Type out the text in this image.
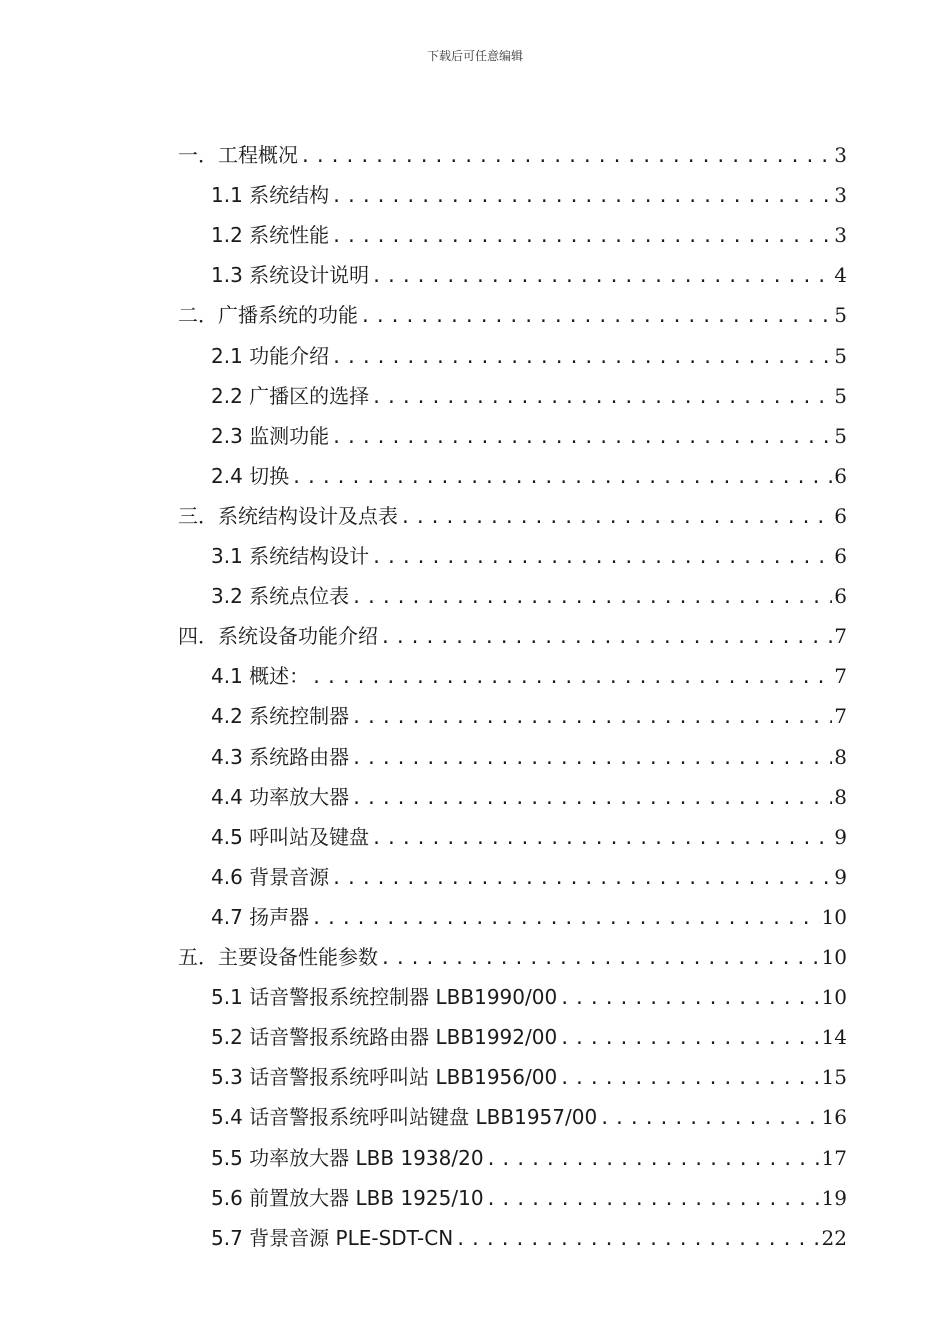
下载后可任意编辑
一．工程概况 .....	3
1.1 系统结构 .....	3
1.2 系统性能 .....	3
1.3 系统设计说明 .....	4
二．广播系统的功能 .....	5
2.1 功能介绍 .....	5
2.2 广播区的选择 .....	5
2.3 监测功能 .....	5
2.4 切换 .....	6
三．系统结构设计及点表 .....	6
3.1 系统结构设计 .....	6
3.2 系统点位表 .....	6
四．系统设备功能介绍 .....	7
4.1 概述： .....	7
4.2 系统控制器 .....	7
4.3 系统路由器 .....	8
4.4 功率放大器 .....	8
4.5 呼叫站及键盘 .....	9
4.6 背景音源 .....	9
4.7 扬声器 .....	10
五．主要设备性能参数 .....	10
5.1 话音警报系统控制器 LBB1990/00 .....	10
5.2 话音警报系统路由器 LBB1992/00 .....	14
5.3 话音警报系统呼叫站 LBB1956/00 .....	15
5.4 话音警报系统呼叫站键盘 LBB1957/00 .....	16
5.5 功率放大器 LBB 1938/20 .....	17
5.6 前置放大器 LBB 1925/10 .....	19
5.7 背景音源 PLE-SDT-CN .....	22
